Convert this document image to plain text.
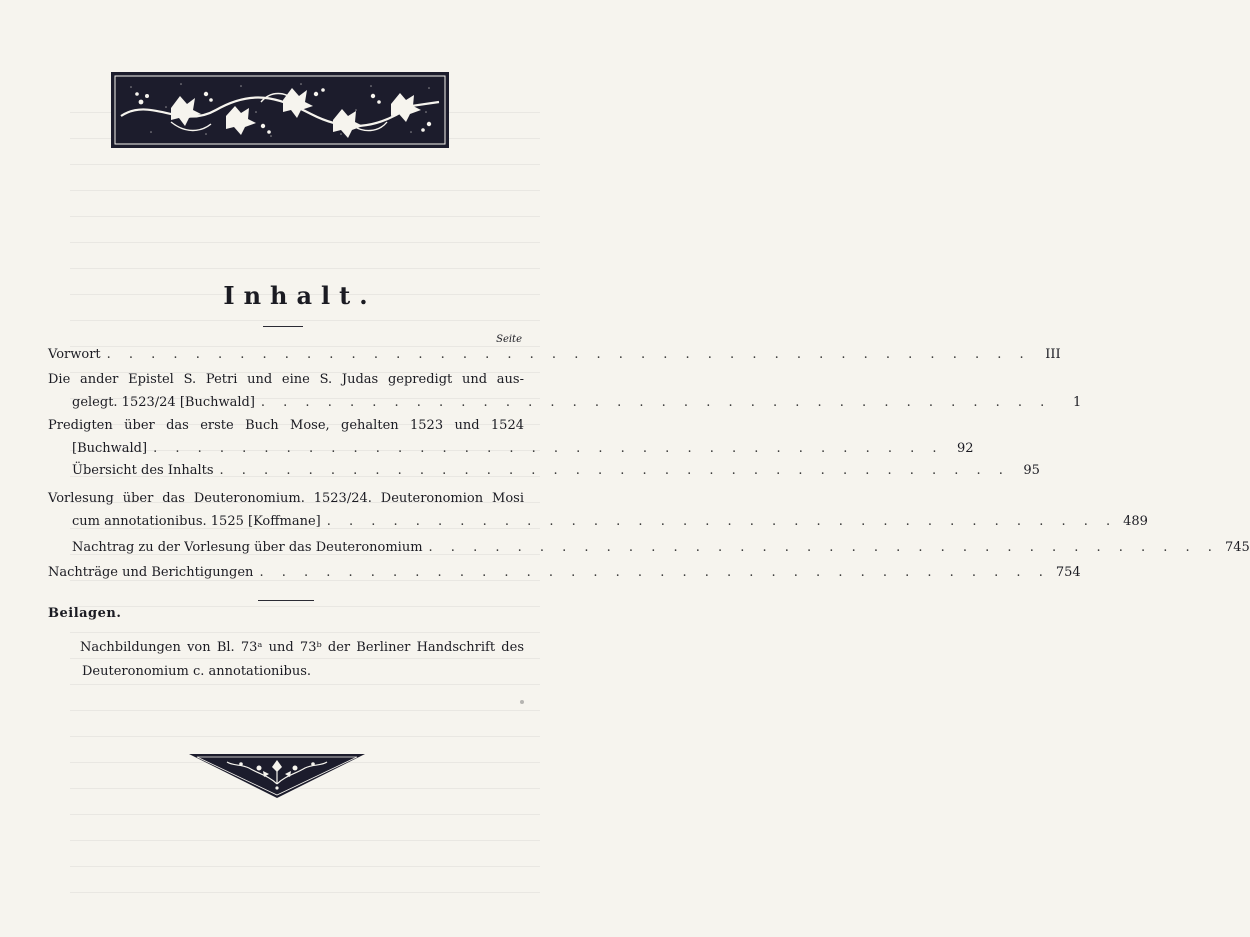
Inhalt.
Seite
Vorwort . . . . . . . . . . . . . . . . . . . . . . . . . . . . . . . . . . . . . . . . . .	III
Die ander Epistel S. Petri und eine S. Judas gepredigt und aus-
gelegt. 1523/24 [Buchwald] . . . . . . . . . . . . . . . . . . . . . . . . . . . . . . . . . . . .	1
Predigten über das erste Buch Mose, gehalten 1523 und 1524
[Buchwald] . . . . . . . . . . . . . . . . . . . . . . . . . . . . . . . . . . . .	92
Übersicht des Inhalts . . . . . . . . . . . . . . . . . . . . . . . . . . . . . . . . . . . .	95
Vorlesung über das Deuteronomium. 1523/24. Deuteronomion Mosi
cum annotationibus. 1525 [Koffmane] . . . . . . . . . . . . . . . . . . . . . . . . . . . . . . . . . . . . 489
Nachtrag zu der Vorlesung über das Deuteronomium . . . . . . . . . . . . . . . . . . . . . . . . . . . . . . . . . . . . 745
Nachträge und Berichtigungen . . . . . . . . . . . . . . . . . . . . . . . . . . . . . . . . . . . . 754
Beilagen.
Nachbildungen von Bl. 73ᵃ und 73ᵇ der Berliner Handschrift des
Deuteronomium c. annotationibus.
